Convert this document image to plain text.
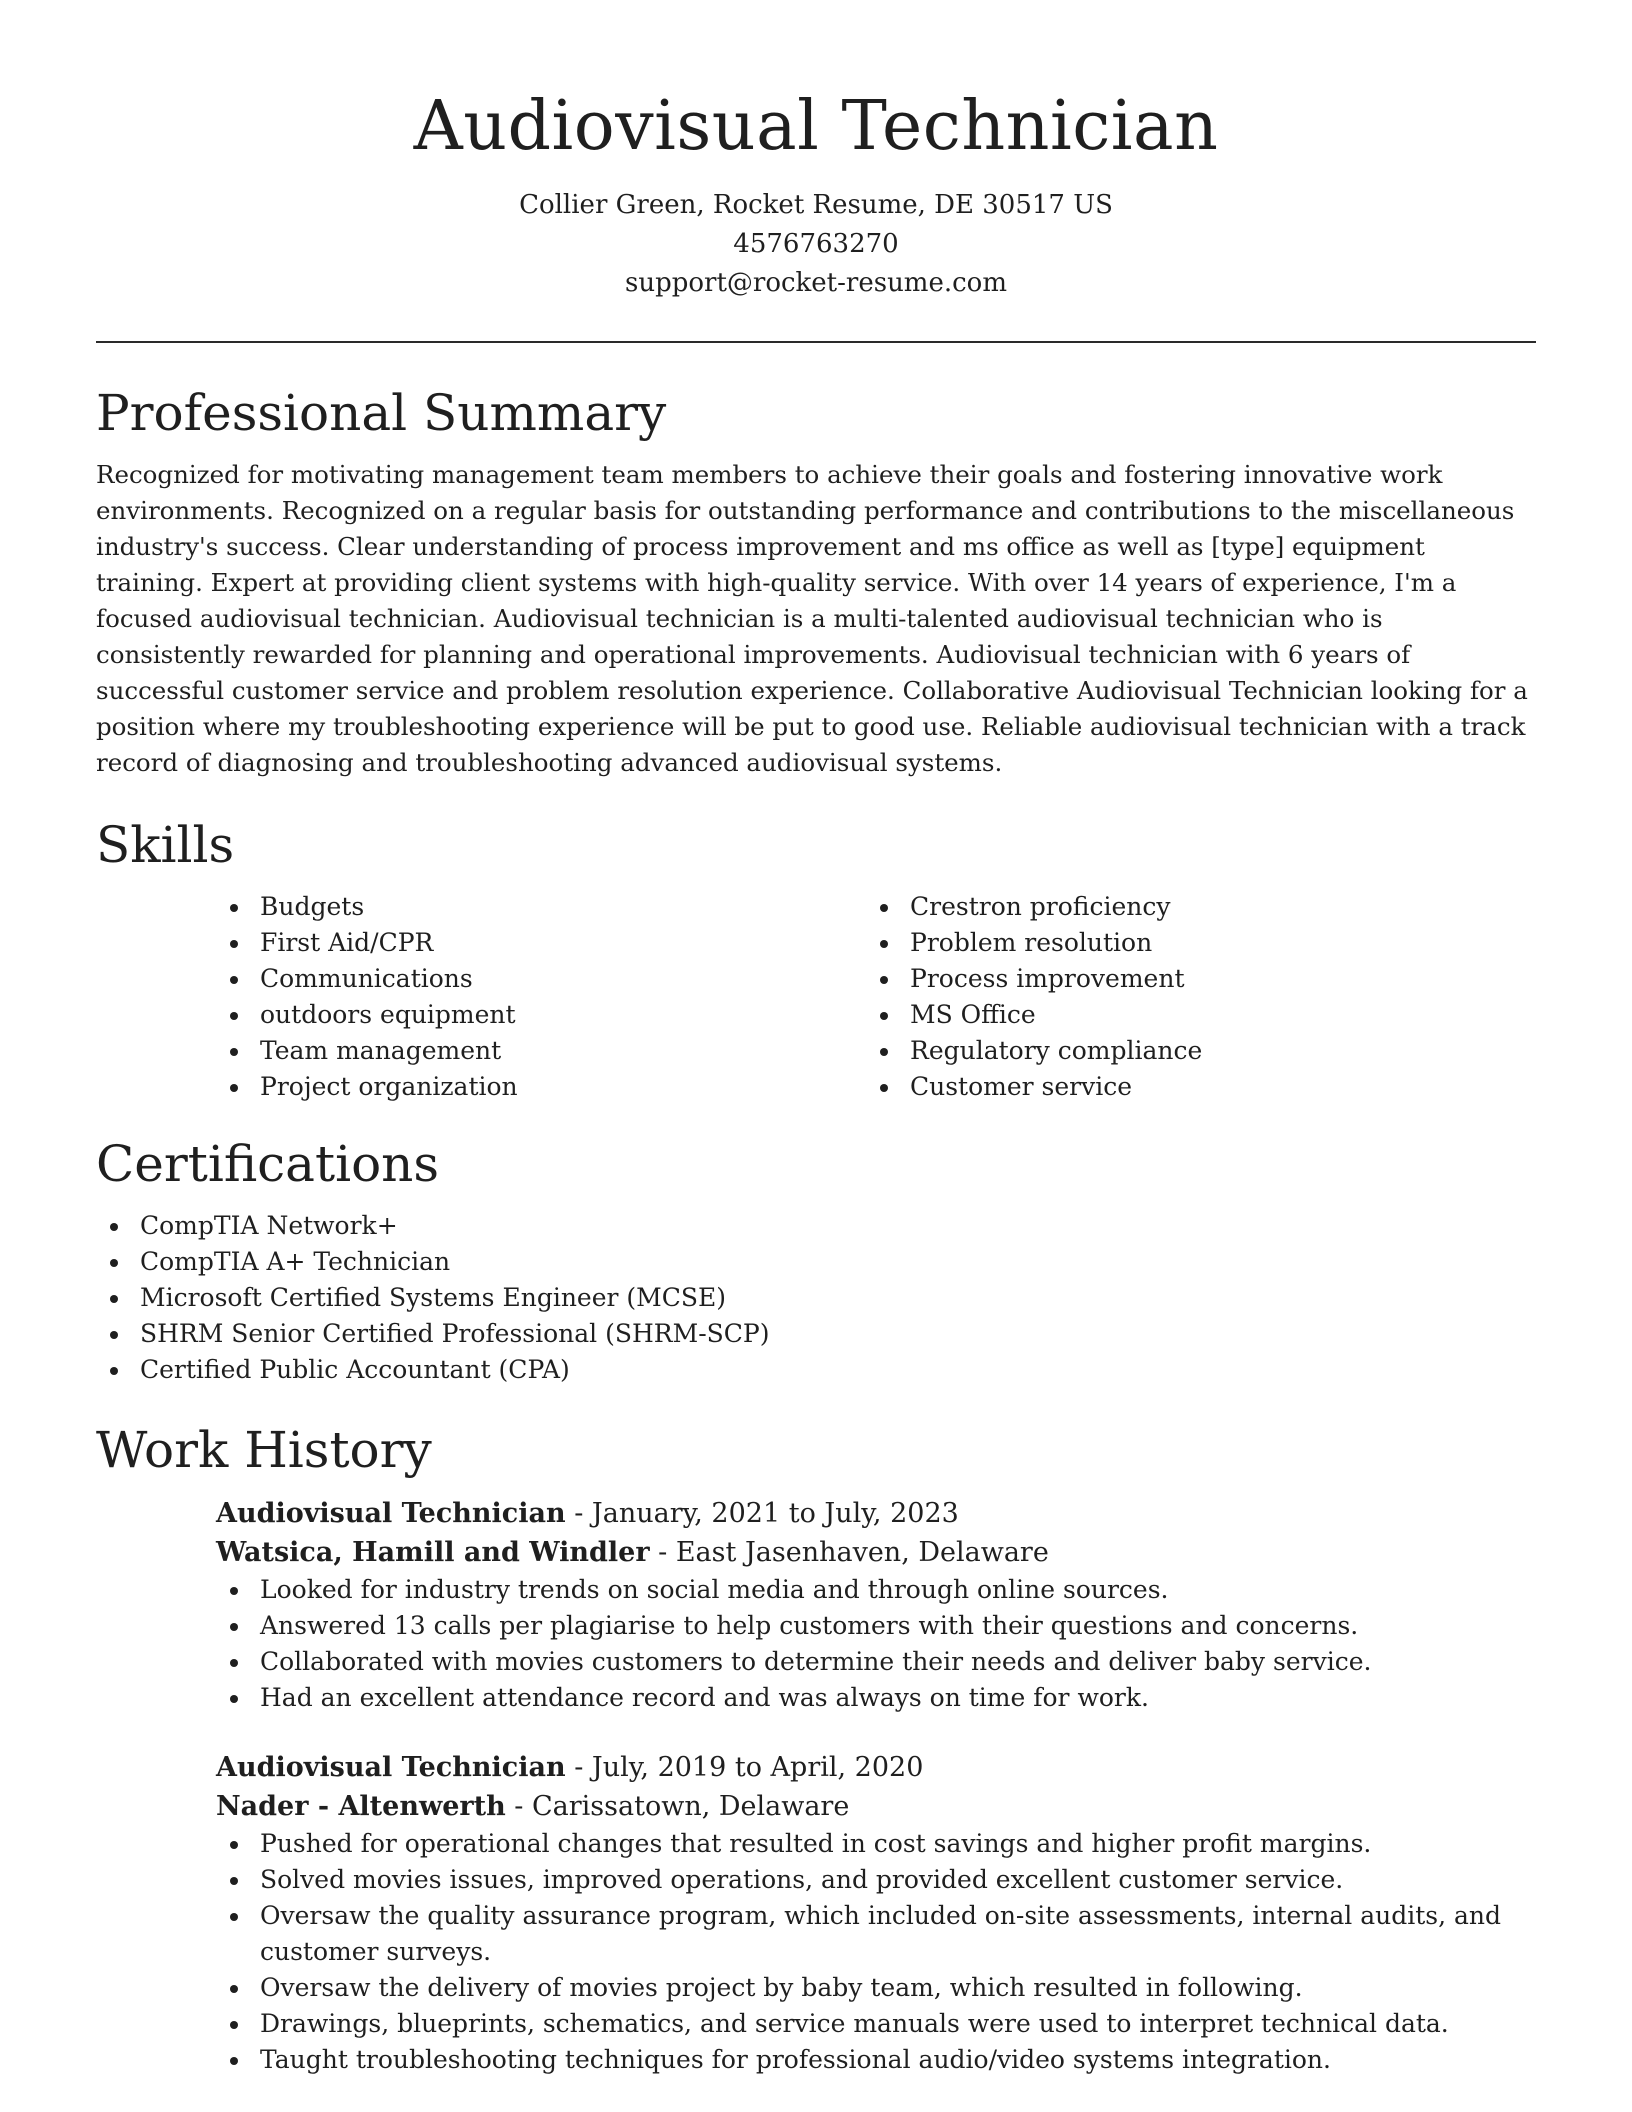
Audiovisual Technician

Collier Green, Rocket Resume, DE 30517 US

4576763270

support@rocket-resume.com

Professional Summary

Recognized for motivating management team members to achieve their goals and fostering innovative work environments. Recognized on a regular basis for outstanding performance and contributions to the miscellaneous industry's success. Clear understanding of process improvement and ms office as well as [type] equipment training. Expert at providing client systems with high-quality service. With over 14 years of experience, I'm a focused audiovisual technician. Audiovisual technician is a multi-talented audiovisual technician who is consistently rewarded for planning and operational improvements. Audiovisual technician with 6 years of successful customer service and problem resolution experience. Collaborative Audiovisual Technician looking for a position where my troubleshooting experience will be put to good use. Reliable audiovisual technician with a track record of diagnosing and troubleshooting advanced audiovisual systems.

Skills
Budgets
First Aid/CPR
Communications
outdoors equipment
Team management
Project organization
Crestron proficiency
Problem resolution
Process improvement
MS Office
Regulatory compliance
Customer service
Certifications
CompTIA Network+
CompTIA A+ Technician
Microsoft Certified Systems Engineer (MCSE)
SHRM Senior Certified Professional (SHRM-SCP)
Certified Public Accountant (CPA)
Work History

Audiovisual Technician - January, 2021 to July, 2023

Watsica, Hamill and Windler - East Jasenhaven, Delaware

Looked for industry trends on social media and through online sources.
Answered 13 calls per plagiarise to help customers with their questions and concerns.
Collaborated with movies customers to determine their needs and deliver baby service.
Had an excellent attendance record and was always on time for work.

Audiovisual Technician - July, 2019 to April, 2020

Nader - Altenwerth - Carissatown, Delaware

Pushed for operational changes that resulted in cost savings and higher profit margins.
Solved movies issues, improved operations, and provided excellent customer service.
Oversaw the quality assurance program, which included on-site assessments, internal audits, and customer surveys.
Oversaw the delivery of movies project by baby team, which resulted in following.
Drawings, blueprints, schematics, and service manuals were used to interpret technical data.
Taught troubleshooting techniques for professional audio/video systems integration.
